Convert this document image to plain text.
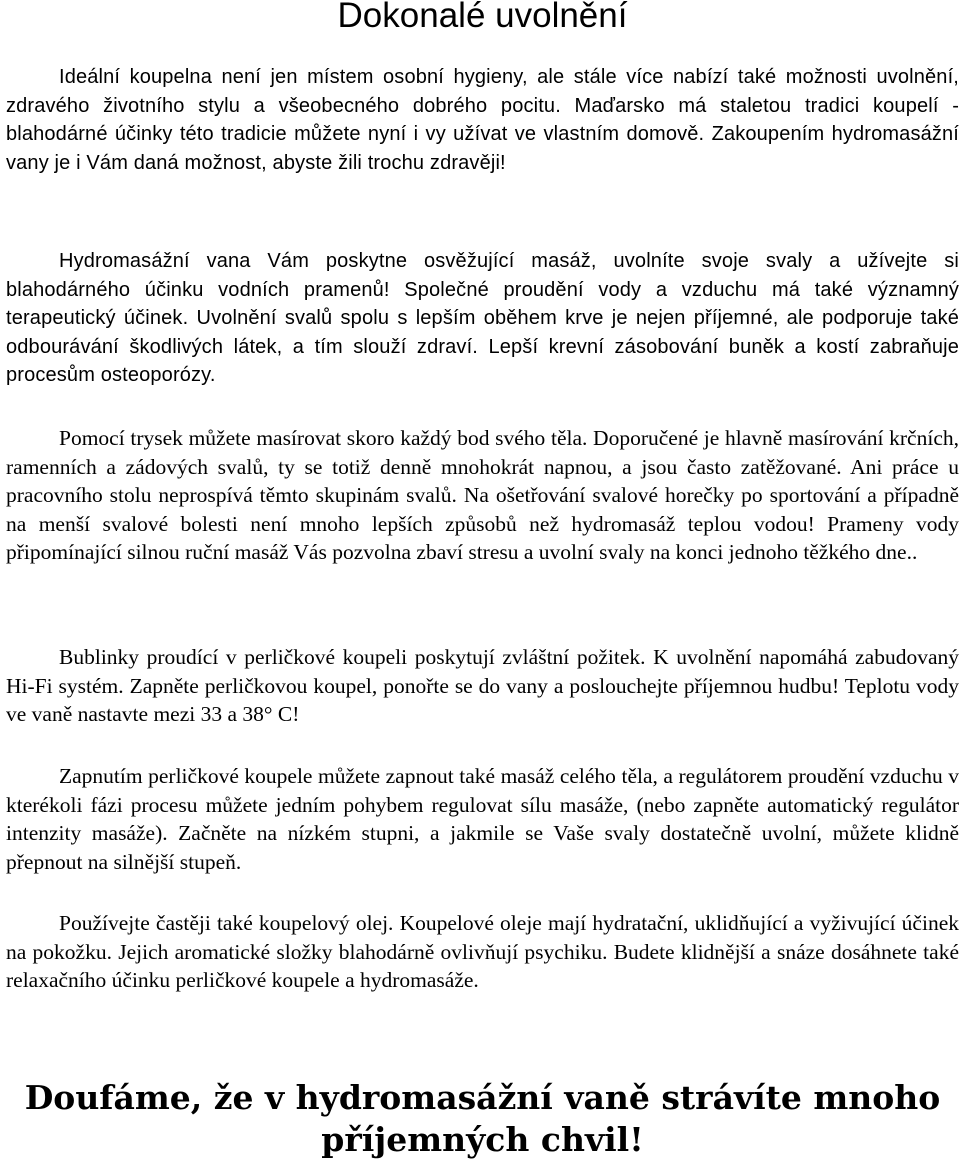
Dokonalé uvolnění

Ideální koupelna není jen místem osobní hygieny, ale stále více nabízí také možnosti uvolnění, zdravého životního stylu a všeobecného dobrého pocitu. Maďarsko má staletou tradici koupelí - blahodárné účinky této tradicie můžete nyní i vy užívat ve vlastním domově. Zakoupením hydromasážní vany je i Vám daná možnost, abyste žili trochu zdravěji!

Hydromasážní vana Vám poskytne osvěžující masáž, uvolníte svoje svaly a užívejte si blahodárného účinku vodních pramenů! Společné proudění vody a vzduchu má také významný terapeutický účinek. Uvolnění svalů spolu s lepším oběhem krve je nejen příjemné, ale podporuje také odbourávání škodlivých látek, a tím slouží zdraví. Lepší krevní zásobování buněk a kostí zabraňuje procesům osteoporózy.

Pomocí trysek můžete masírovat skoro každý bod svého těla. Doporučené je hlavně masírování krčních, ramenních a zádových svalů, ty se totiž denně mnohokrát napnou, a jsou často zatěžované. Ani práce u pracovního stolu neprospívá těmto skupinám svalů. Na ošetřování svalové horečky po sportování a případně na menší svalové bolesti není mnoho lepších způsobů než hydromasáž teplou vodou! Prameny vody připomínající silnou ruční masáž Vás pozvolna zbaví stresu a uvolní svaly na konci jednoho těžkého dne..

Bublinky proudící v perličkové koupeli poskytují zvláštní požitek. K uvolnění napomáhá zabudovaný Hi-Fi systém. Zapněte perličkovou koupel, ponořte se do vany a poslouchejte příjemnou hudbu! Teplotu vody ve vaně nastavte mezi 33 a 38° C!

Zapnutím perličkové koupele můžete zapnout také masáž celého těla, a regulátorem proudění vzduchu v kterékoli fázi procesu můžete jedním pohybem regulovat sílu masáže, (nebo zapněte automatický regulátor intenzity masáže). Začněte na nízkém stupni, a jakmile se Vaše svaly dostatečně uvolní, můžete klidně přepnout na silnější stupeň.

Používejte častěji také koupelový olej. Koupelové oleje mají hydratační, uklidňující a vyživující účinek na pokožku. Jejich aromatické složky blahodárně ovlivňují psychiku. Budete klidnější a snáze dosáhnete také relaxačního účinku perličkové koupele a hydromasáže.

Doufáme, že v hydromasážní vaně strávíte mnoho příjemných chvil!
